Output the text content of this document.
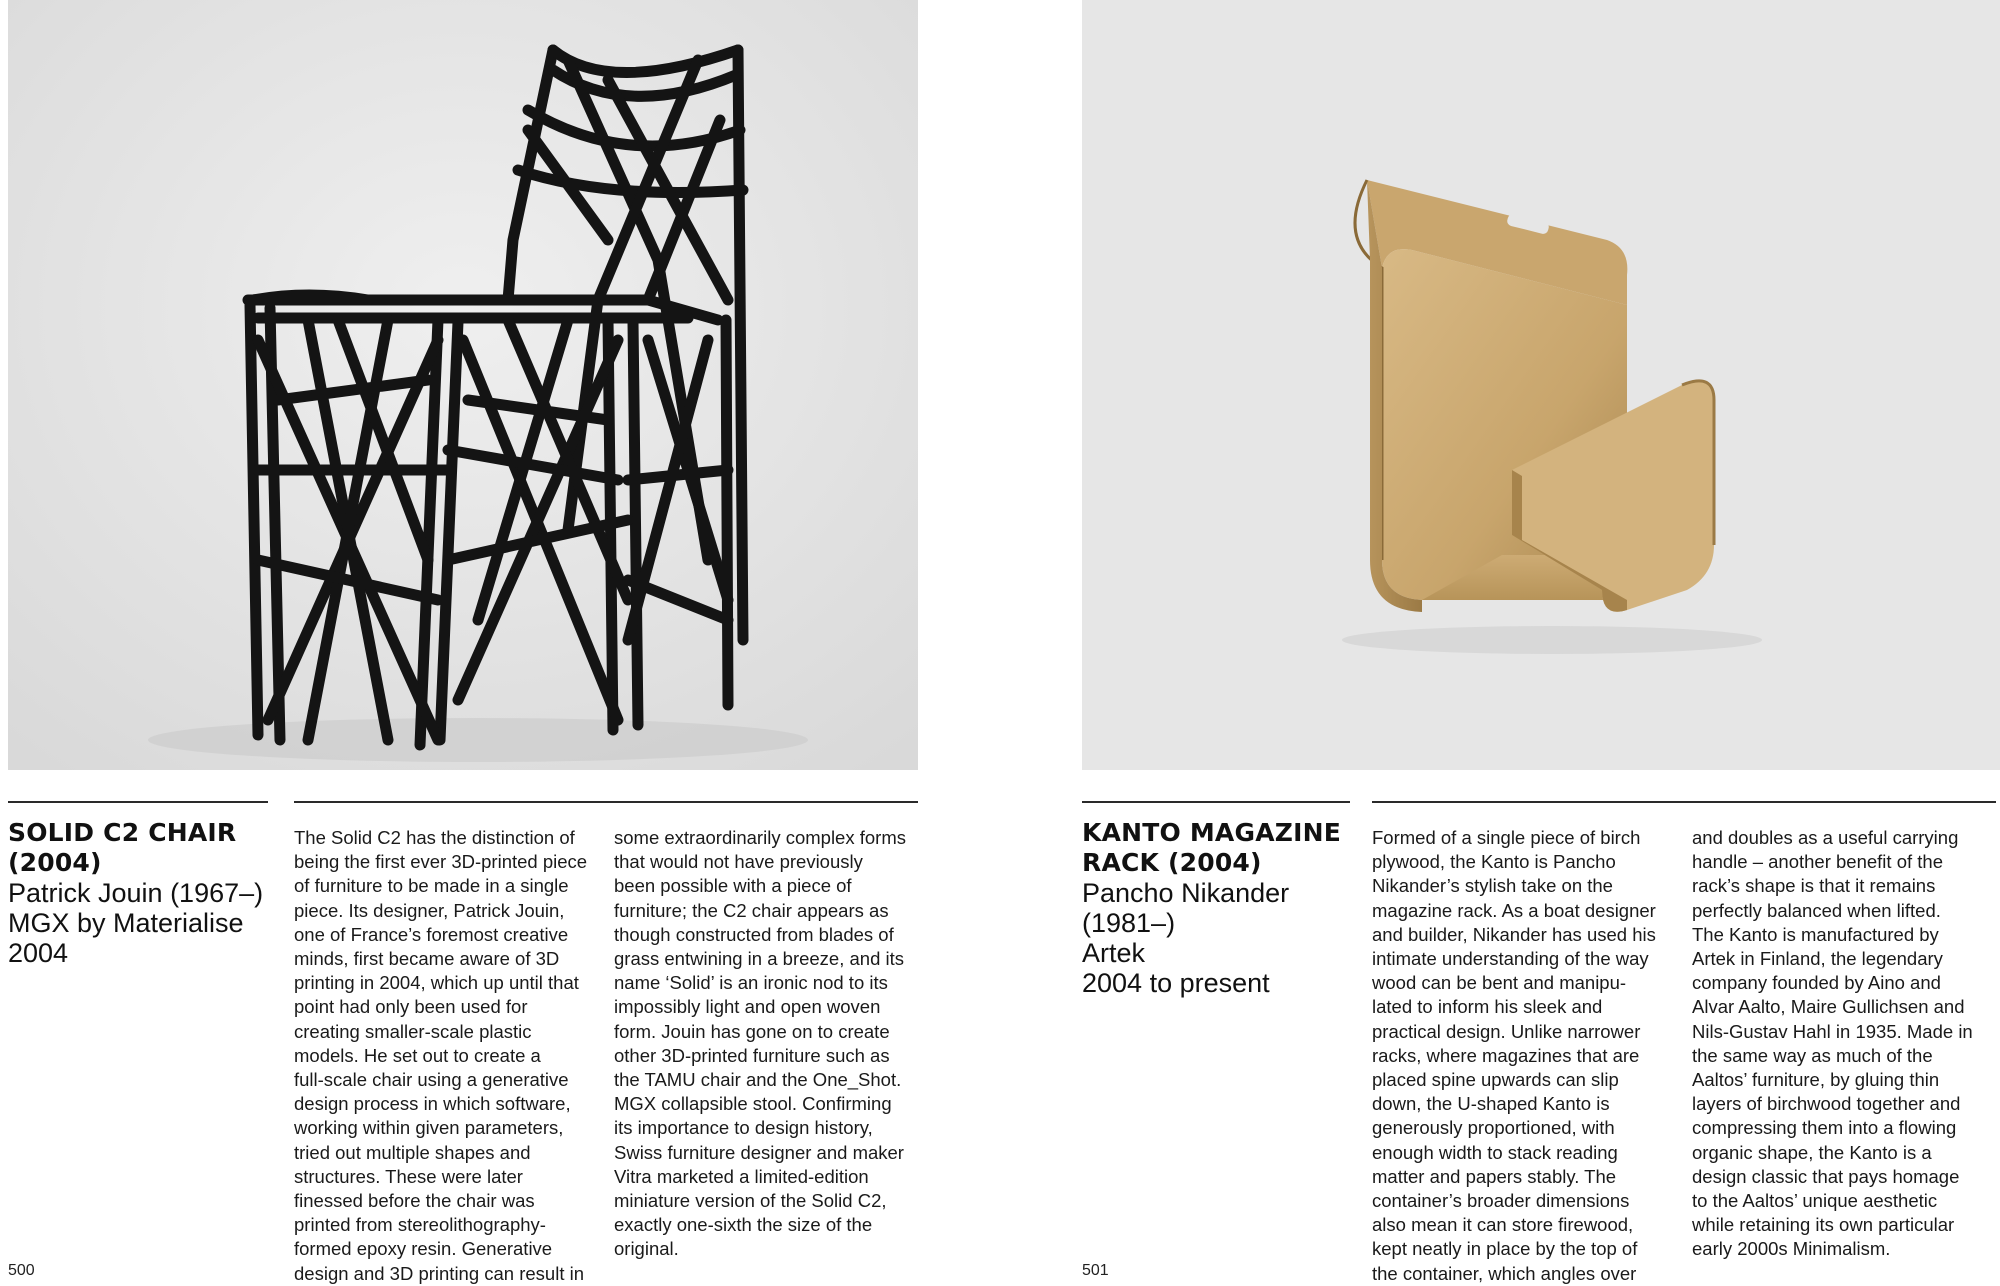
SOLID C2 CHAIR
(2004)
Patrick Jouin (1967–)
MGX by Materialise
2004
The Solid C2 has the distinction of
being the first ever 3D-printed piece
of furniture to be made in a single
piece. Its designer, Patrick Jouin,
one of France’s foremost creative
minds, first became aware of 3D
printing in 2004, which up until that
point had only been used for
creating smaller-scale plastic
models. He set out to create a
full-scale chair using a generative
design process in which software,
working within given parameters,
tried out multiple shapes and
structures. These were later
finessed before the chair was
printed from stereolithography-
formed epoxy resin. Generative
design and 3D printing can result in
some extraordinarily complex forms
that would not have previously
been possible with a piece of
furniture; the C2 chair appears as
though constructed from blades of
grass entwining in a breeze, and its
name ‘Solid’ is an ironic nod to its
impossibly light and open woven
form. Jouin has gone on to create
other 3D-printed furniture such as
the TAMU chair and the One_Shot.
MGX collapsible stool. Confirming
its importance to design history,
Swiss furniture designer and maker
Vitra marketed a limited-edition
miniature version of the Solid C2,
exactly one-sixth the size of the
original.
KANTO MAGAZINE
RACK (2004)
Pancho Nikander
(1981–)
Artek
2004 to present
Formed of a single piece of birch
plywood, the Kanto is Pancho
Nikander’s stylish take on the
magazine rack. As a boat designer
and builder, Nikander has used his
intimate understanding of the way
wood can be bent and manipu-
lated to inform his sleek and
practical design. Unlike narrower
racks, where magazines that are
placed spine upwards can slip
down, the U-shaped Kanto is
generously proportioned, with
enough width to stack reading
matter and papers stably. The
container’s broader dimensions
also mean it can store firewood,
kept neatly in place by the top of
the container, which angles over
and doubles as a useful carrying
handle – another benefit of the
rack’s shape is that it remains
perfectly balanced when lifted.
The Kanto is manufactured by
Artek in Finland, the legendary
company founded by Aino and
Alvar Aalto, Maire Gullichsen and
Nils-Gustav Hahl in 1935. Made in
the same way as much of the
Aaltos’ furniture, by gluing thin
layers of birchwood together and
compressing them into a flowing
organic shape, the Kanto is a
design classic that pays homage
to the Aaltos’ unique aesthetic
while retaining its own particular
early 2000s Minimalism.
500	501
